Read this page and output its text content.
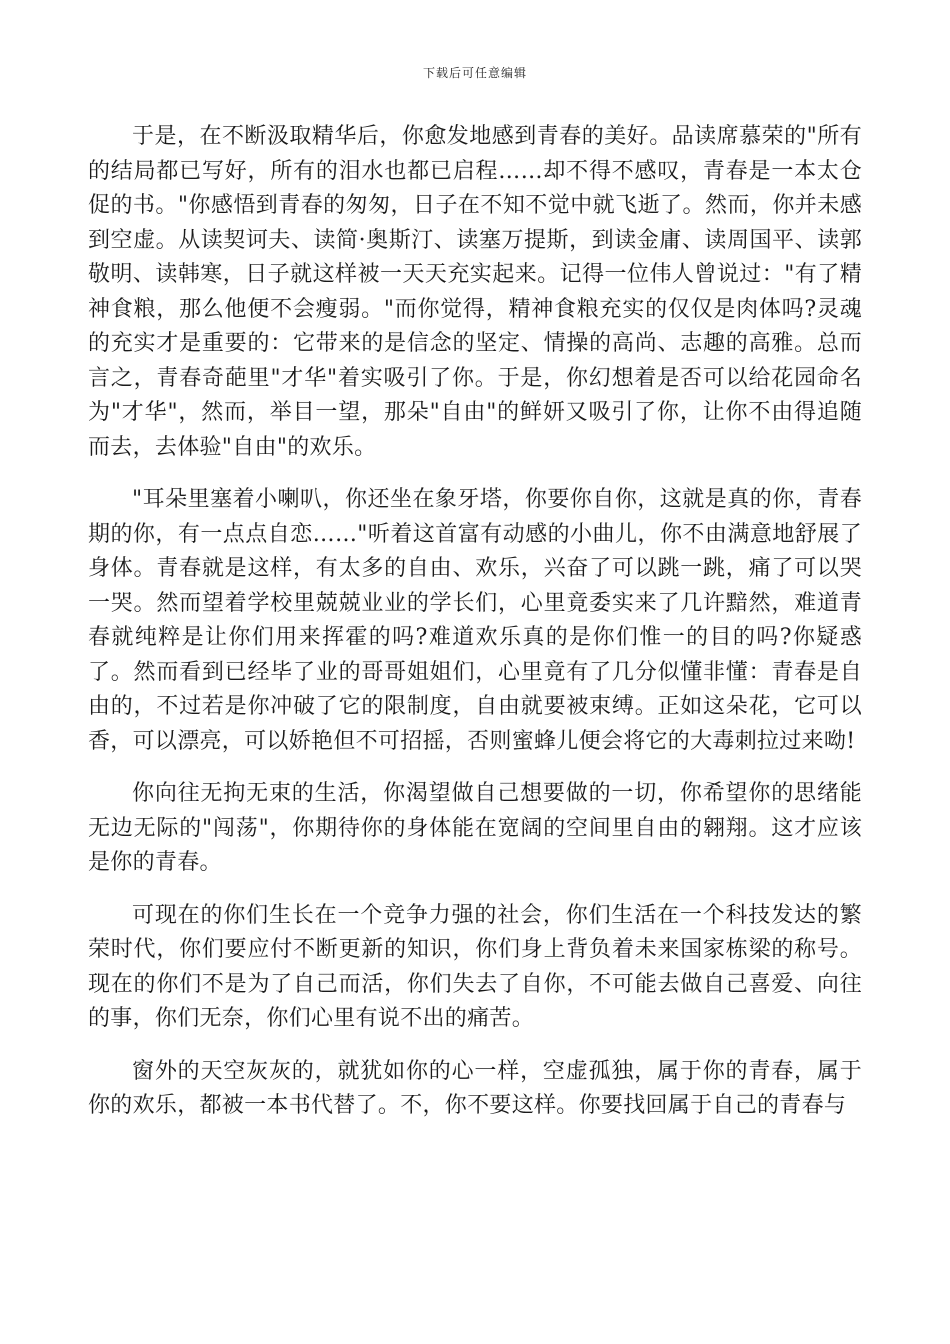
下载后可任意编辑

于是，在不断汲取精华后，你愈发地感到青春的美好。品读席慕荣的"所有的结局都已写好，所有的泪水也都已启程……却不得不感叹，青春是一本太仓促的书。"你感悟到青春的匆匆，日子在不知不觉中就飞逝了。然而，你并未感到空虚。从读契诃夫、读简·奥斯汀、读塞万提斯，到读金庸、读周国平、读郭敬明、读韩寒，日子就这样被一天天充实起来。记得一位伟人曾说过："有了精神食粮，那么他便不会瘦弱。"而你觉得，精神食粮充实的仅仅是肉体吗?灵魂的充实才是重要的：它带来的是信念的坚定、情操的高尚、志趣的高雅。总而言之，青春奇葩里"才华"着实吸引了你。于是，你幻想着是否可以给花园命名为"才华"，然而，举目一望，那朵"自由"的鲜妍又吸引了你，让你不由得追随而去，去体验"自由"的欢乐。

"耳朵里塞着小喇叭，你还坐在象牙塔，你要你自你，这就是真的你，青春期的你，有一点点自恋……"听着这首富有动感的小曲儿，你不由满意地舒展了身体。青春就是这样，有太多的自由、欢乐，兴奋了可以跳一跳，痛了可以哭一哭。然而望着学校里兢兢业业的学长们，心里竟委实来了几许黯然，难道青春就纯粹是让你们用来挥霍的吗?难道欢乐真的是你们惟一的目的吗?你疑惑了。然而看到已经毕了业的哥哥姐姐们，心里竟有了几分似懂非懂：青春是自由的，不过若是你冲破了它的限制度，自由就要被束缚。正如这朵花，它可以香，可以漂亮，可以娇艳但不可招摇，否则蜜蜂儿便会将它的大毒刺拉过来呦!

你向往无拘无束的生活，你渴望做自己想要做的一切，你希望你的思绪能无边无际的"闯荡"，你期待你的身体能在宽阔的空间里自由的翱翔。这才应该是你的青春。

可现在的你们生长在一个竞争力强的社会，你们生活在一个科技发达的繁荣时代，你们要应付不断更新的知识，你们身上背负着未来国家栋梁的称号。现在的你们不是为了自己而活，你们失去了自你，不可能去做自己喜爱、向往的事，你们无奈，你们心里有说不出的痛苦。

窗外的天空灰灰的，就犹如你的心一样，空虚孤独，属于你的青春，属于你的欢乐，都被一本书代替了。不，你不要这样。你要找回属于自己的青春与
